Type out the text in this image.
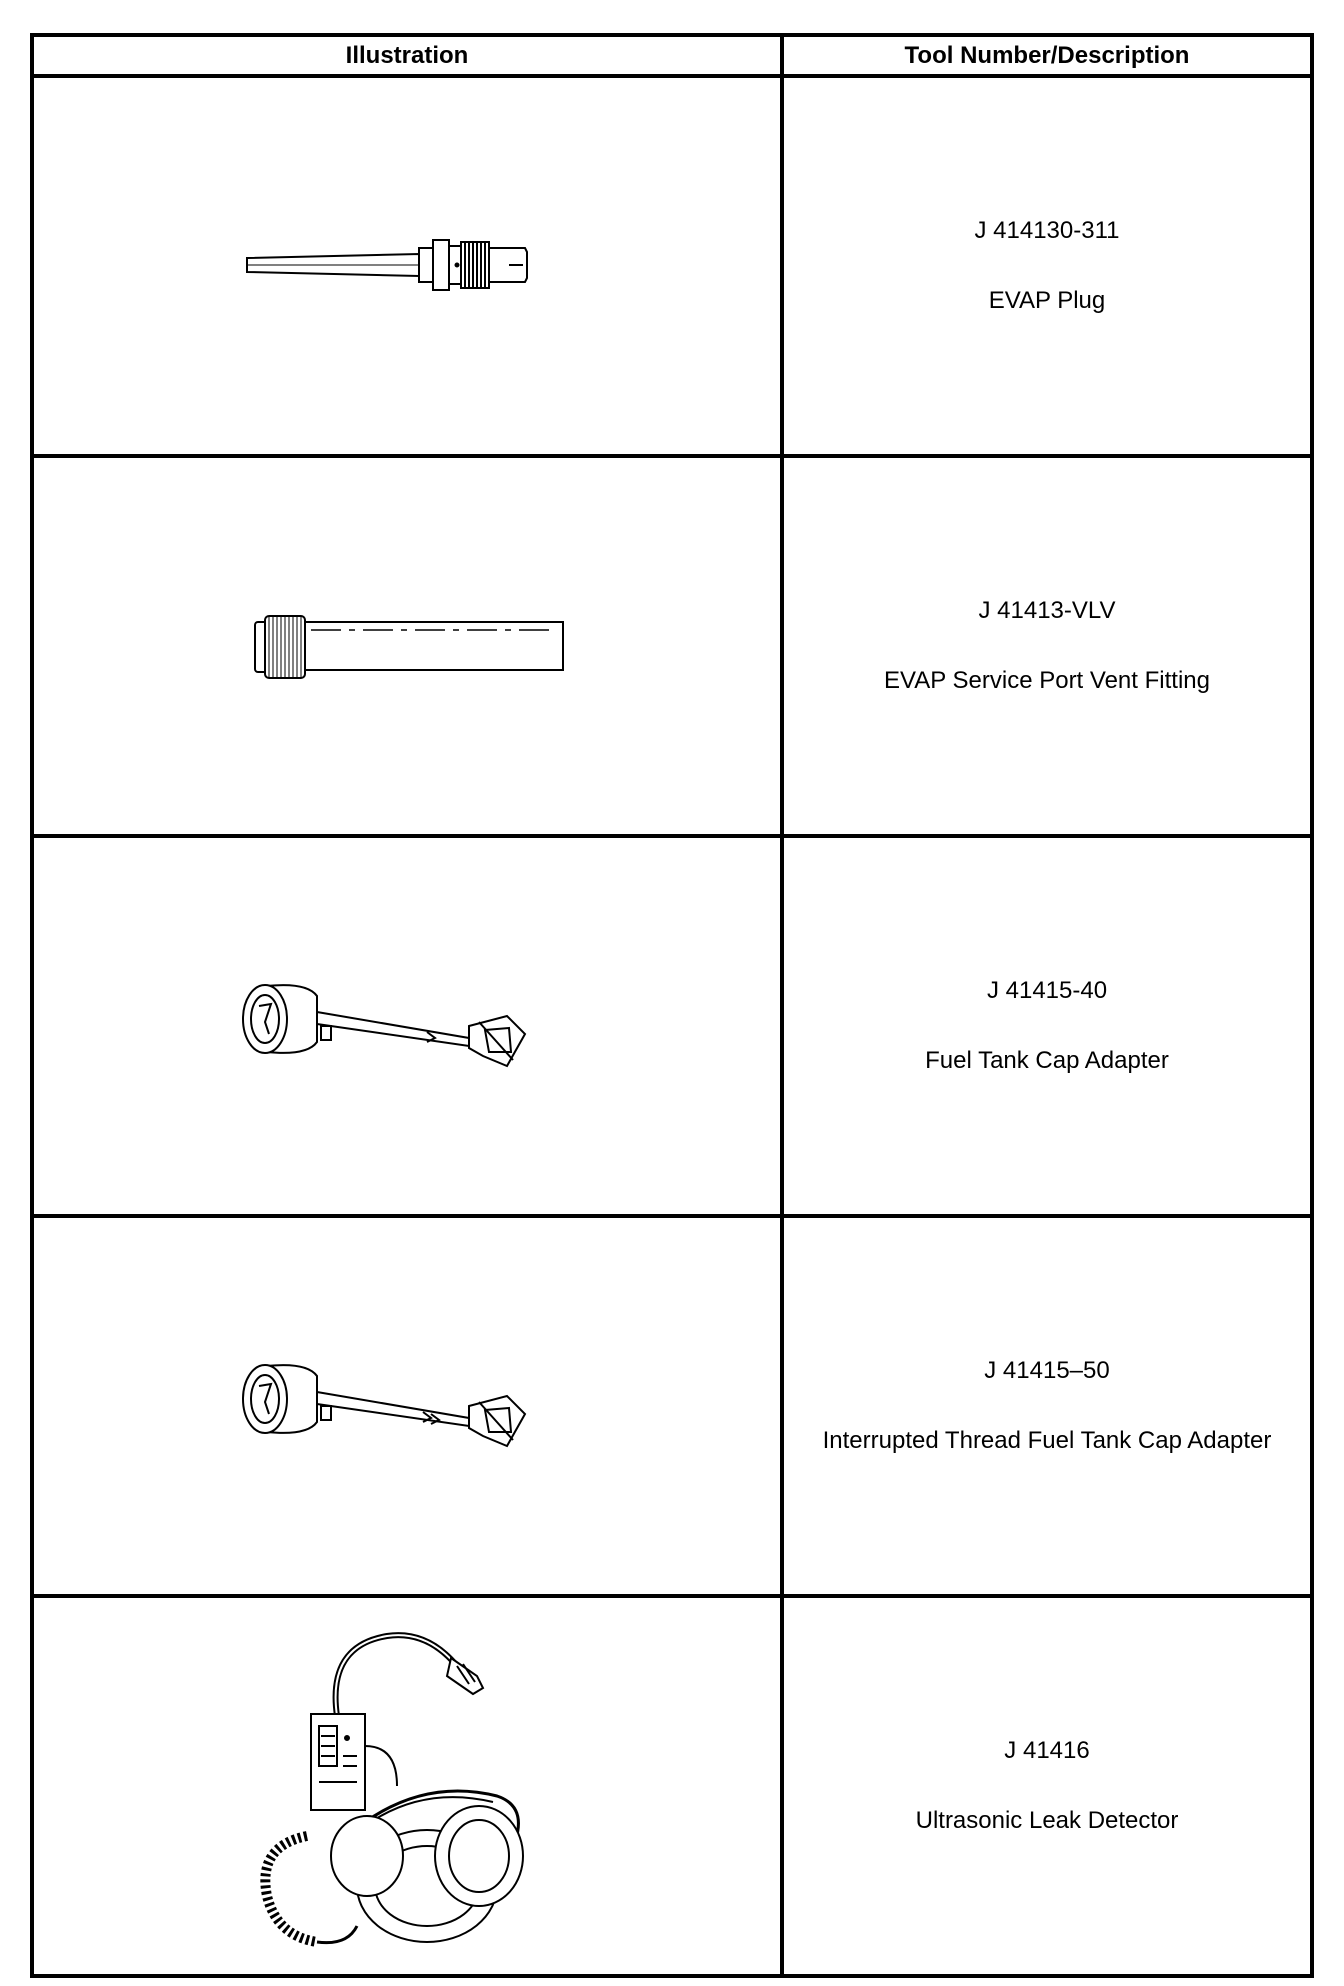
Illustration	Tool Number/Description

J 414130-311
EVAP Plug

J 41413-VLV
EVAP Service Port Vent Fitting

J 41415-40
Fuel Tank Cap Adapter

J 41415–50
Interrupted Thread Fuel Tank Cap Adapter

J 41416
Ultrasonic Leak Detector
